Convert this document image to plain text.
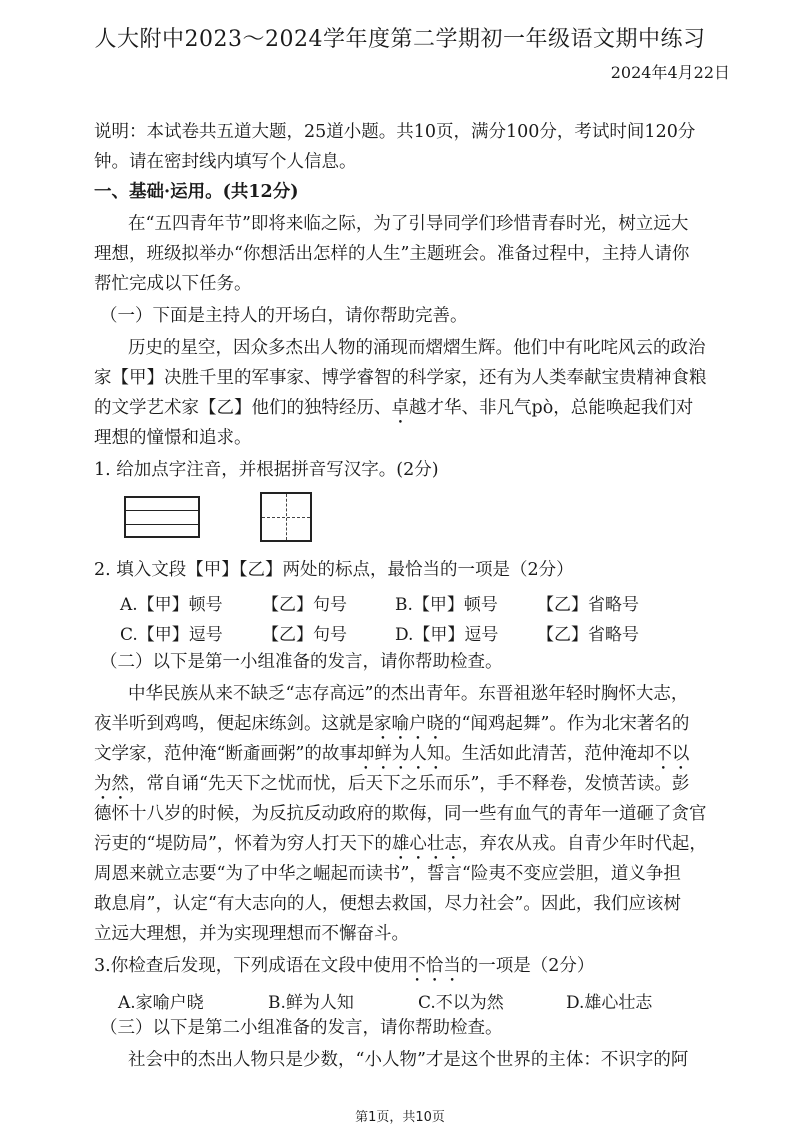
人大附中2023～2024学年度第二学期初一年级语文期中练习
2024年4月22日
说明：本试卷共五道大题，25道小题。共10页，满分100分，考试时间120分
钟。请在密封线内填写个人信息。
一、基础·运用。(共12分)
在“五四青年节”即将来临之际，为了引导同学们珍惜青春时光，树立远大
理想，班级拟举办“你想活出怎样的人生”主题班会。准备过程中，主持人请你
帮忙完成以下任务。
（一）下面是主持人的开场白，请你帮助完善。
历史的星空，因众多杰出人物的涌现而熠熠生辉。他们中有叱咤风云的政治
家【甲】决胜千里的军事家、博学睿智的科学家，还有为人类奉献宝贵精神食粮
的文学艺术家【乙】他们的独特经历、卓越才华、非凡气pò，总能唤起我们对
理想的憧憬和追求。
1. 给加点字注音，并根据拼音写汉字。(2分)
2. 填入文段【甲】【乙】两处的标点，最恰当的一项是（2分）
A.【甲】顿号 【乙】句号	B.【甲】顿号 【乙】省略号
C.【甲】逗号 【乙】句号	D.【甲】逗号 【乙】省略号
（二）以下是第一小组准备的发言，请你帮助检查。
中华民族从来不缺乏“志存高远”的杰出青年。东晋祖逖年轻时胸怀大志，
夜半听到鸡鸣，便起床练剑。这就是家喻户晓的“闻鸡起舞”。作为北宋著名的
文学家，范仲淹“断齑画粥”的故事却鲜为人知。生活如此清苦，范仲淹却不以
为然，常自诵“先天下之忧而忧，后天下之乐而乐”，手不释卷，发愤苦读。彭
德怀十八岁的时候，为反抗反动政府的欺侮，同一些有血气的青年一道砸了贪官
污吏的“堤防局”，怀着为穷人打天下的雄心壮志，弃农从戎。自青少年时代起，
周恩来就立志要“为了中华之崛起而读书”，誓言“险夷不变应尝胆，道义争担
敢息肩”，认定“有大志向的人，便想去救国，尽力社会”。因此，我们应该树
立远大理想，并为实现理想而不懈奋斗。
3.你检查后发现，下列成语在文段中使用不恰当的一项是（2分）
A.家喻户晓	B.鲜为人知	C.不以为然	D.雄心壮志
（三）以下是第二小组准备的发言，请你帮助检查。
社会中的杰出人物只是少数，“小人物”才是这个世界的主体：不识字的阿
第1页，共10页
